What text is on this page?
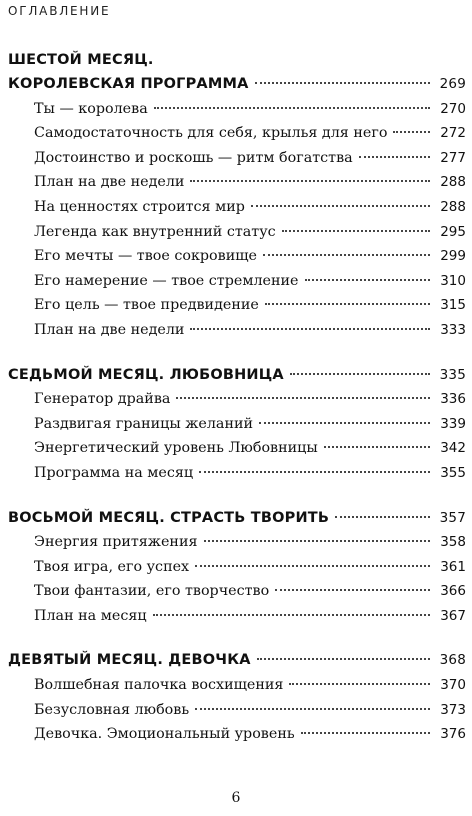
ОГЛАВЛЕНИЕ
ШЕСТОЙ МЕСЯЦ.
КОРОЛЕВСКАЯ ПРОГРАММА	269
Ты — королева	270
Самодостаточность для себя, крылья для него	272
Достоинство и роскошь — ритм богатства	277
План на две недели	288
На ценностях строится мир	288
Легенда как внутренний статус	295
Его мечты — твое сокровище	299
Его намерение — твое стремление	310
Его цель — твое предвидение	315
План на две недели	333
СЕДЬМОЙ МЕСЯЦ. ЛЮБОВНИЦА	335
Генератор драйва	336
Раздвигая границы желаний	339
Энергетический уровень Любовницы	342
Программа на месяц	355
ВОСЬМОЙ МЕСЯЦ. СТРАСТЬ ТВОРИТЬ	357
Энергия притяжения	358
Твоя игра, его успех	361
Твои фантазии, его творчество	366
План на месяц	367
ДЕВЯТЫЙ МЕСЯЦ. ДЕВОЧКА	368
Волшебная палочка восхищения	370
Безусловная любовь	373
Девочка. Эмоциональный уровень	376
6
